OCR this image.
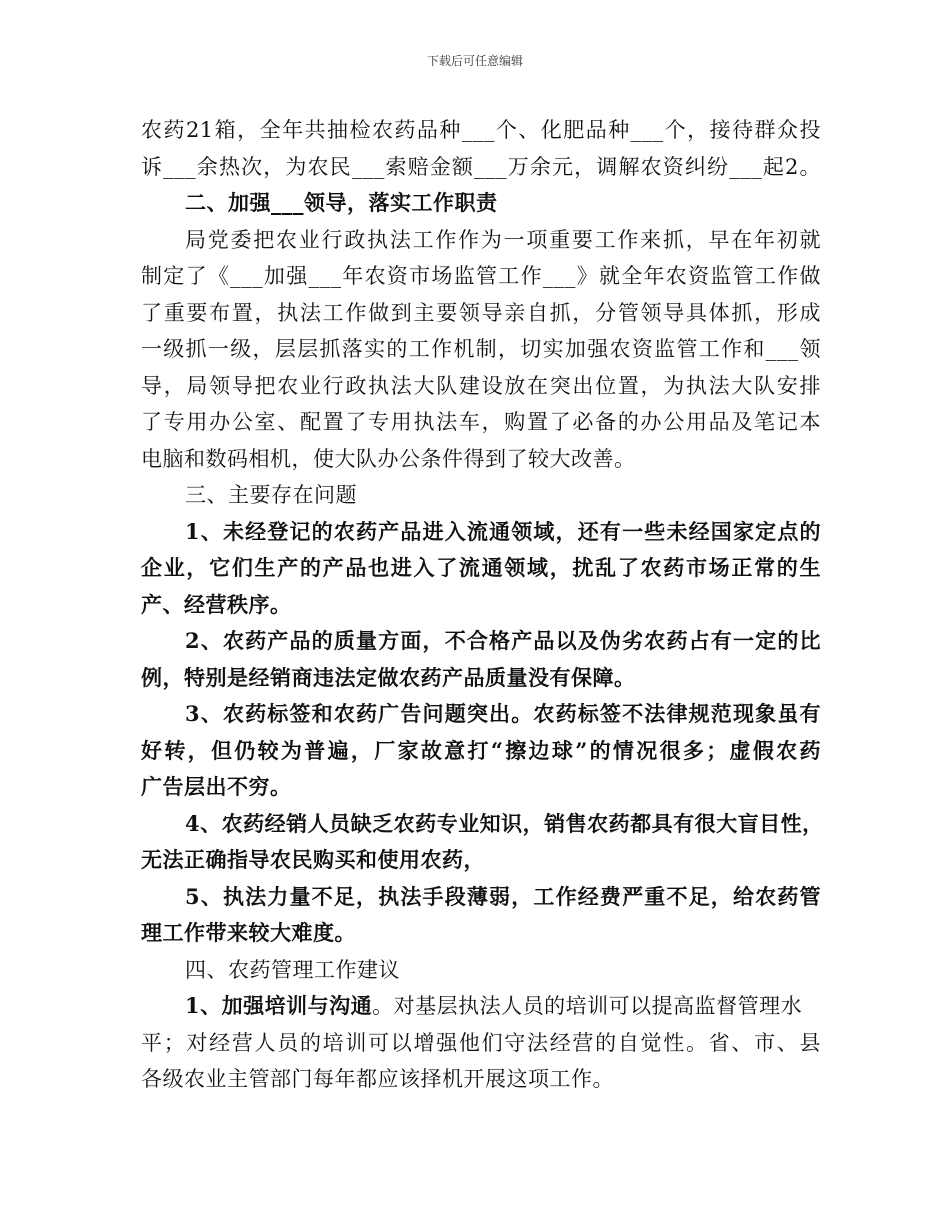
下载后可任意编辑
农药21箱，全年共抽检农药品种___个、化肥品种___个，接待群众投
诉___余热次，为农民___索赔金额___万余元，调解农资纠纷___起2。
二、加强___领导，落实工作职责
局党委把农业行政执法工作作为一项重要工作来抓，早在年初就
制定了《___加强___年农资市场监管工作___》就全年农资监管工作做
了重要布置，执法工作做到主要领导亲自抓，分管领导具体抓，形成
一级抓一级，层层抓落实的工作机制，切实加强农资监管工作和___领
导，局领导把农业行政执法大队建设放在突出位置，为执法大队安排
了专用办公室、配置了专用执法车，购置了必备的办公用品及笔记本
电脑和数码相机，使大队办公条件得到了较大改善。
三、主要存在问题
1、未经登记的农药产品进入流通领域，还有一些未经国家定点的
企业，它们生产的产品也进入了流通领域，扰乱了农药市场正常的生
产、经营秩序。
2、农药产品的质量方面，不合格产品以及伪劣农药占有一定的比
例，特别是经销商违法定做农药产品质量没有保障。
3、农药标签和农药广告问题突出。农药标签不法律规范现象虽有
好转，但仍较为普遍，厂家故意打“擦边球”的情况很多；虚假农药
广告层出不穷。
4、农药经销人员缺乏农药专业知识，销售农药都具有很大盲目性，
无法正确指导农民购买和使用农药，
5、执法力量不足，执法手段薄弱，工作经费严重不足，给农药管
理工作带来较大难度。
四、农药管理工作建议
1、加强培训与沟通。对基层执法人员的培训可以提高监督管理水
平；对经营人员的培训可以增强他们守法经营的自觉性。省、市、县
各级农业主管部门每年都应该择机开展这项工作。
